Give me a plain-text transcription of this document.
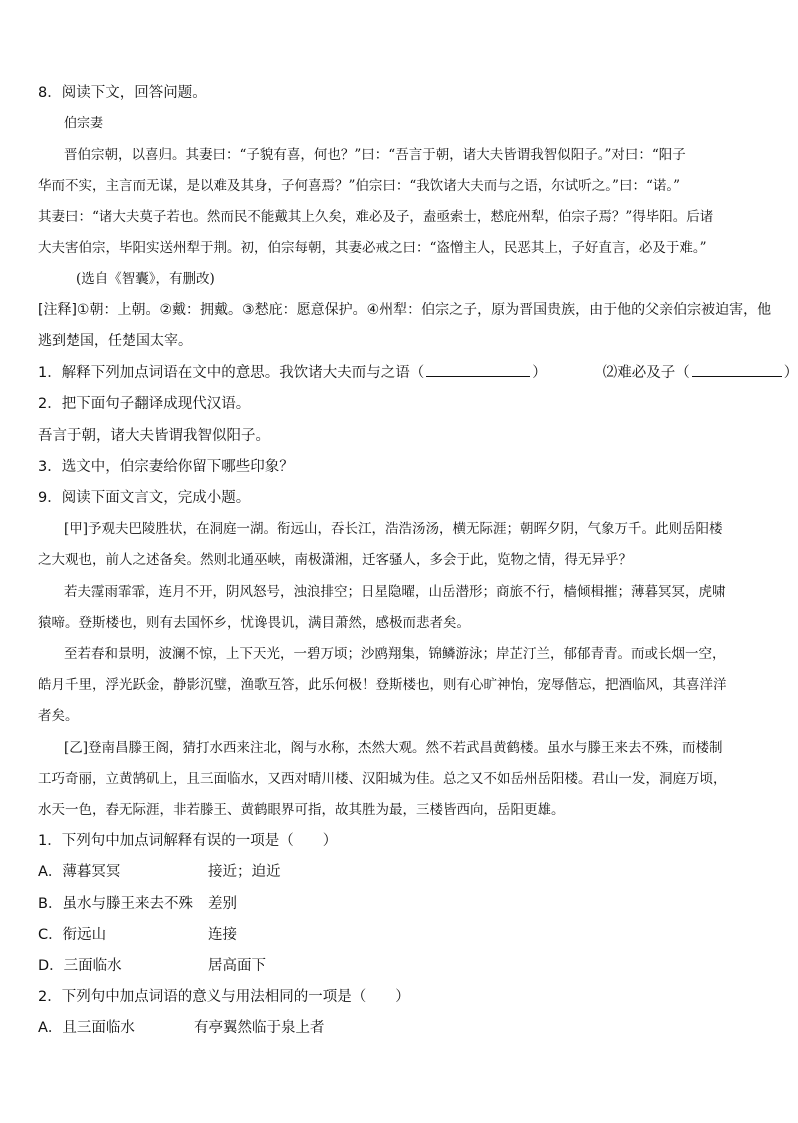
8．阅读下文，回答问题。
伯宗妻
晋伯宗朝，以喜归。其妻曰：“子貌有喜，何也？”曰：“吾言于朝，诸大夫皆谓我智似阳子。”对曰：“阳子
华而不实，主言而无谋，是以难及其身，子何喜焉？”伯宗曰：“我饮诸大夫而与之语，尔试听之。”曰：“诺。”
其妻曰：“诸大夫莫子若也。然而民不能戴其上久矣，难必及子，盍亟索士，慭庇州犁，伯宗子焉？”得毕阳。后诸
大夫害伯宗，毕阳实送州犁于荆。初，伯宗每朝，其妻必戒之曰：“盗憎主人，民恶其上，子好直言，必及于难。”
(选自《智囊》，有删改)
[注释]①朝：上朝。②戴：拥戴。③慭庇：愿意保护。④州犁：伯宗之子，原为晋国贵族，由于他的父亲伯宗被迫害，他
逃到楚国，任楚国太宰。
1．解释下列加点词语在文中的意思。我饮诸大夫而与之语（	）	⑵难必及子（	）
2．把下面句子翻译成现代汉语。
吾言于朝，诸大夫皆谓我智似阳子。
3．选文中，伯宗妻给你留下哪些印象？
9．阅读下面文言文，完成小题。
[甲]予观夫巴陵胜状，在洞庭一湖。衔远山，吞长江，浩浩汤汤，横无际涯；朝晖夕阴，气象万千。此则岳阳楼
之大观也，前人之述备矣。然则北通巫峡，南极潇湘，迁客骚人，多会于此，览物之情，得无异乎？
若夫霪雨霏霏，连月不开，阴风怒号，浊浪排空；日星隐曜，山岳潜形；商旅不行，樯倾楫摧；薄暮冥冥，虎啸
猿啼。登斯楼也，则有去国怀乡，忧谗畏讥，满目萧然，感极而悲者矣。
至若春和景明，波澜不惊，上下天光，一碧万顷；沙鸥翔集，锦鳞游泳；岸芷汀兰，郁郁青青。而或长烟一空，
皓月千里，浮光跃金，静影沉璧，渔歌互答，此乐何极！登斯楼也，则有心旷神怡，宠辱偕忘，把酒临风，其喜洋洋
者矣。
[乙]登南昌滕王阁，猜打水西来注北，阁与水称，杰然大观。然不若武昌黄鹤楼。虽水与滕王来去不殊，而楼制
工巧奇丽，立黄鹄矶上，且三面临水，又西对晴川楼、汉阳城为佳。总之又不如岳州岳阳楼。君山一发，洞庭万顷，
水天一色，舂无际涯，非若滕王、黄鹤眼界可指，故其胜为最，三楼皆西向，岳阳更雄。
1．下列句中加点词解释有误的一项是（　　）
A．薄暮冥冥	接近；迫近
B．虽水与滕王来去不殊 差别
C．衔远山	连接
D．三面临水	居高面下
2．下列句中加点词语的意义与用法相同的一项是（　　）
A．且三面临水	有亭翼然临于泉上者
